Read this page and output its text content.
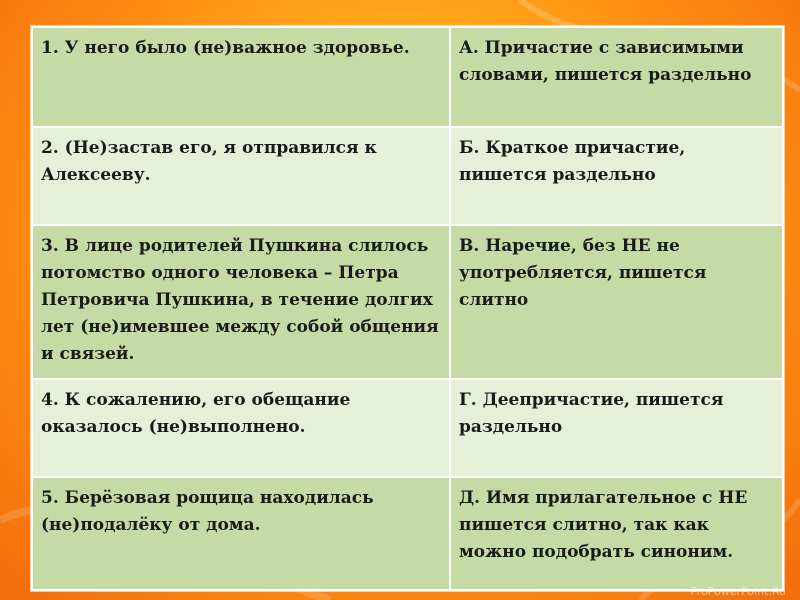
1. У него было (не)важное здоровье.	А. Причастие с зависимыми словами, пишется раздельно
2. (Не)застав его, я отправился к Алексееву.	Б. Краткое причастие, пишется раздельно
3. В лице родителей Пушкина слилось потомство одного человека – Петра Петровича Пушкина, в течение долгих лет (не)имевшее между собой общения и связей.	В. Наречие, без НЕ не употребляется, пишется слитно
4. К сожалению, его обещание оказалось (не)выполнено.	Г. Деепричастие, пишется раздельно
5. Берёзовая рощица находилась (не)подалёку от дома.	Д. Имя прилагательное с НЕ пишется слитно, так как можно подобрать синоним.
ProPowerPoint.Ru
